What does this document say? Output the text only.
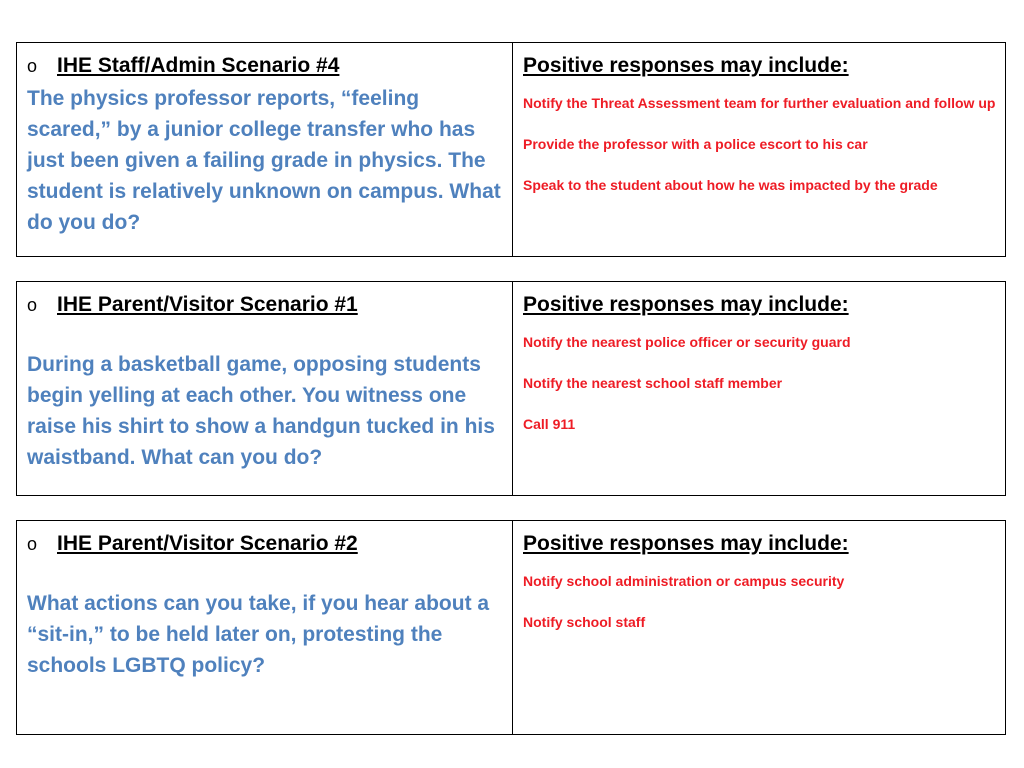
o IHE Staff/Admin Scenario #4

The physics professor reports, “feeling scared,” by a junior college transfer who has just been given a failing grade in physics. The student is relatively unknown on campus. What do you do?

Positive responses may include:

Notify the Threat Assessment team for further evaluation and follow up
Provide the professor with a police escort to his car
Speak to the student about how he was impacted by the grade
o IHE Parent/Visitor Scenario #1

During a basketball game, opposing students begin yelling at each other. You witness one raise his shirt to show a handgun tucked in his waistband. What can you do?

Positive responses may include:

Notify the nearest police officer or security guard
Notify the nearest school staff member
Call 911
o IHE Parent/Visitor Scenario #2

What actions can you take, if you hear about a “sit-in,” to be held later on, protesting the schools LGBTQ policy?

Positive responses may include:

Notify school administration or campus security
Notify school staff
